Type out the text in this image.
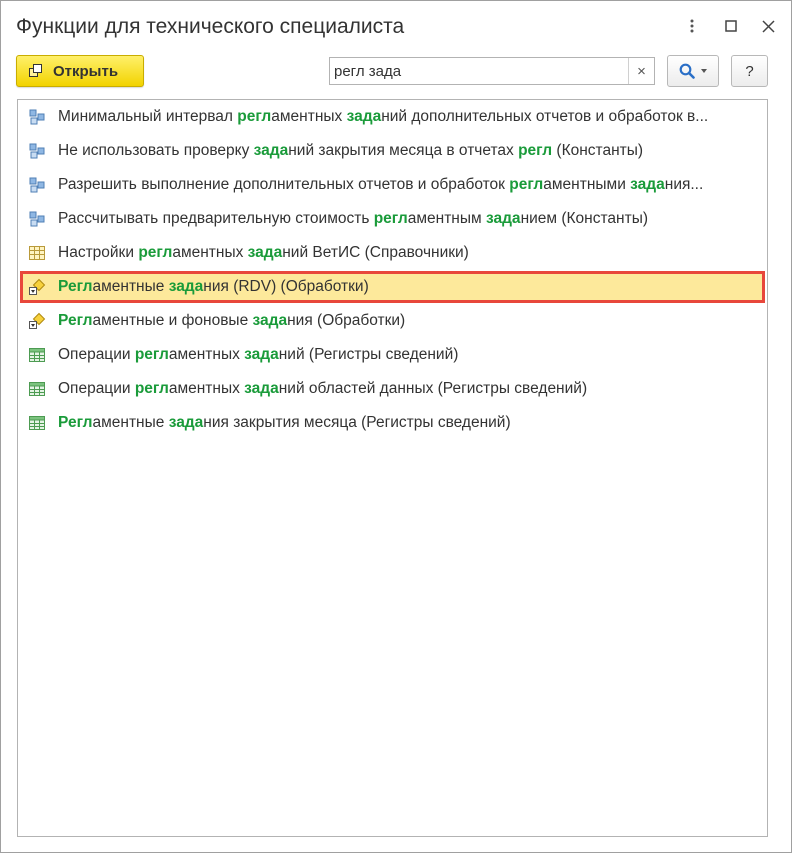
Функции для технического специалиста
Открыть
регл зада	×	?
Минимальный интервал регламентных заданий дополнительных отчетов и обработок в...
Не использовать проверку заданий закрытия месяца в отчетах регл (Константы)
Разрешить выполнение дополнительных отчетов и обработок регламентными задания...
Рассчитывать предварительную стоимость регламентным заданием (Константы)
Настройки регламентных заданий ВетИС (Справочники)
Регламентные задания (RDV) (Обработки)
Регламентные и фоновые задания (Обработки)
Операции регламентных заданий (Регистры сведений)
Операции регламентных заданий областей данных (Регистры сведений)
Регламентные задания закрытия месяца (Регистры сведений)
